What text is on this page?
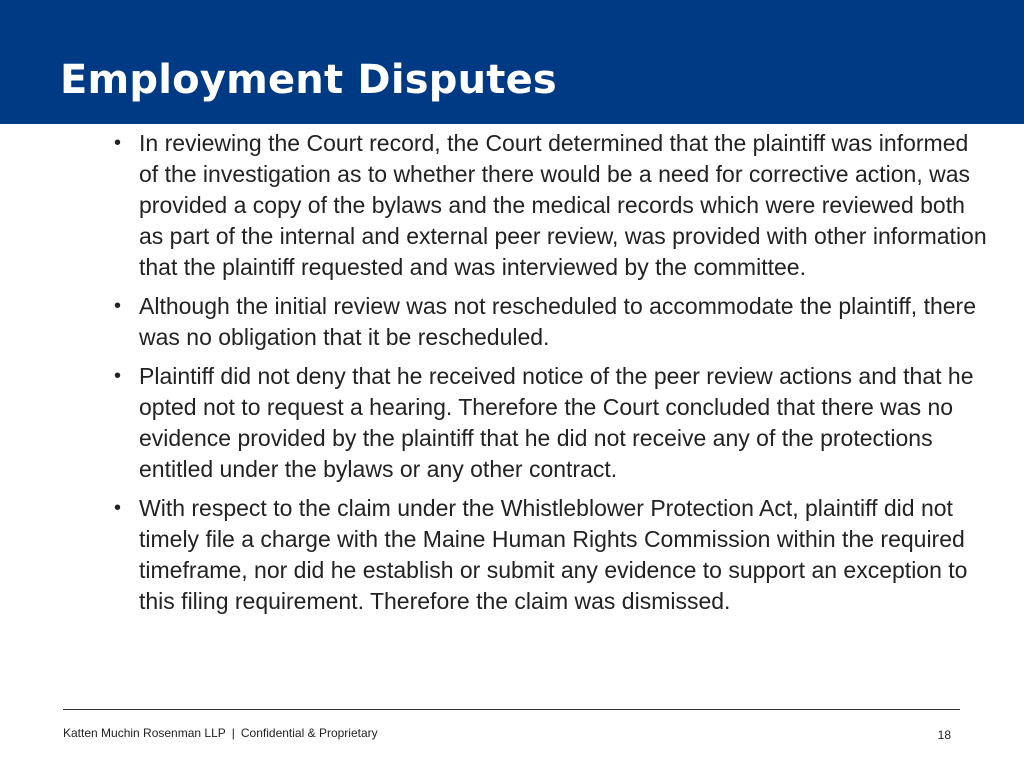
Employment Disputes
• In reviewing the Court record, the Court determined that the plaintiff was informed of the investigation as to whether there would be a need for corrective action, was provided a copy of the bylaws and the medical records which were reviewed both as part of the internal and external peer review, was provided with other information that the plaintiff requested and was interviewed by the committee.
• Although the initial review was not rescheduled to accommodate the plaintiff, there was no obligation that it be rescheduled.
• Plaintiff did not deny that he received notice of the peer review actions and that he opted not to request a hearing. Therefore the Court concluded that there was no evidence provided by the plaintiff that he did not receive any of the protections entitled under the bylaws or any other contract.
• With respect to the claim under the Whistleblower Protection Act, plaintiff did not timely file a charge with the Maine Human Rights Commission within the required timeframe, nor did he establish or submit any evidence to support an exception to this filing requirement. Therefore the claim was dismissed.
Katten Muchin Rosenman LLP | Confidential & Proprietary	18
